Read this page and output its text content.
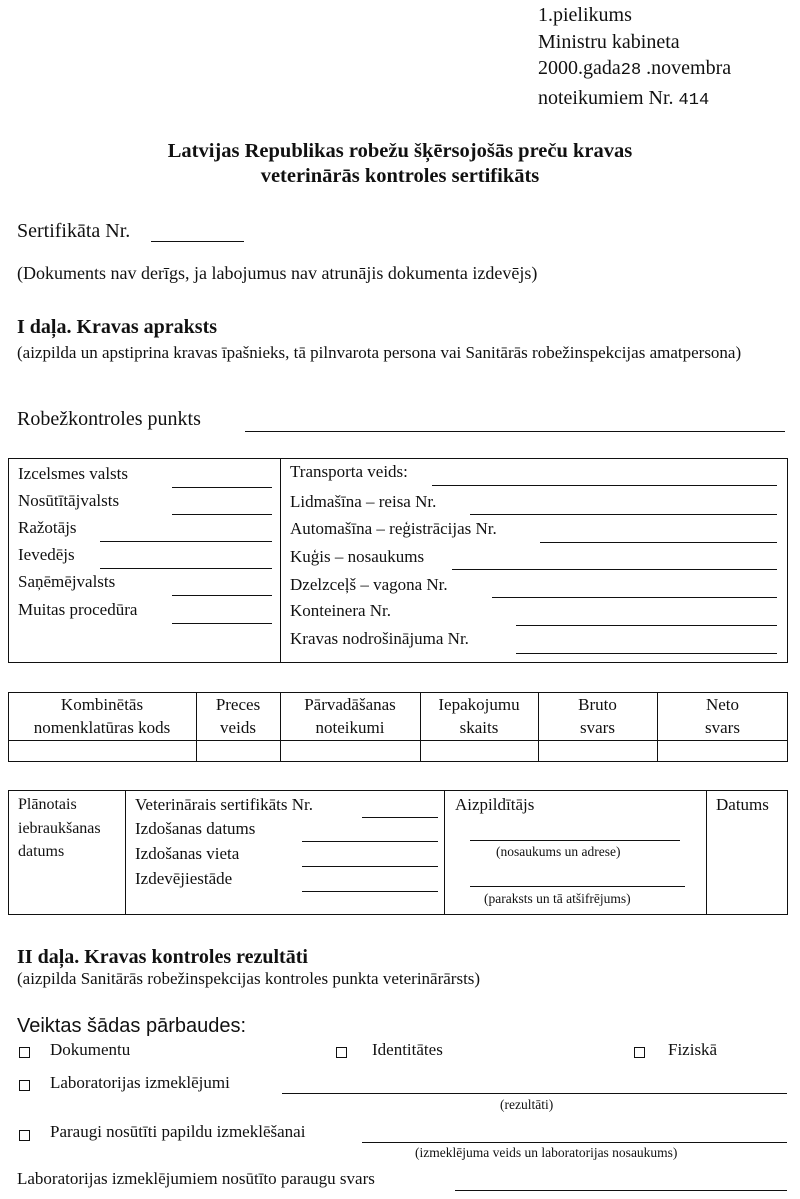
1.pielikums
Ministru kabineta
2000.gada28 .novembra
noteikumiem Nr. 414
Latvijas Republikas robežu šķērsojošās preču kravas
veterinārās kontroles sertifikāts
Sertifikāta Nr.
(Dokuments nav derīgs, ja labojumus nav atrunājis dokumenta izdevējs)
I daļa. Kravas apraksts
(aizpilda un apstiprina kravas īpašnieks, tā pilnvarota persona vai Sanitārās robežinspekcijas amatpersona)
Robežkontroles punkts
Izcelsmes valsts
Nosūtītājvalsts
Ražotājs
Ievedējs
Saņēmējvalsts
Muitas procedūra
Transporta veids:
Lidmašīna – reisa Nr.
Automašīna – reģistrācijas Nr.
Kuģis – nosaukums
Dzelzceļš – vagona Nr.
Konteinera Nr.
Kravas nodrošinājuma Nr.
Kombinētās
nomenklatūras kods
Preces
veids
Pārvadāšanas
noteikumi
Iepakojumu
skaits
Bruto
svars
Neto
svars
Plānotais
iebraukšanas
datums
Veterinārais sertifikāts Nr.
Izdošanas datums
Izdošanas vieta
Izdevējiestāde
Aizpildītājs
(nosaukums un adrese)
(paraksts un tā atšifrējums)
Datums
II daļa. Kravas kontroles rezultāti
(aizpilda Sanitārās robežinspekcijas kontroles punkta veterinārārsts)
Veiktas šādas pārbaudes:
Dokumentu	Identitātes	Fiziskā
Laboratorijas izmeklējumi
(rezultāti)
Paraugi nosūtīti papildu izmeklēšanai
(izmeklējuma veids un laboratorijas nosaukums)
Laboratorijas izmeklējumiem nosūtīto paraugu svars
